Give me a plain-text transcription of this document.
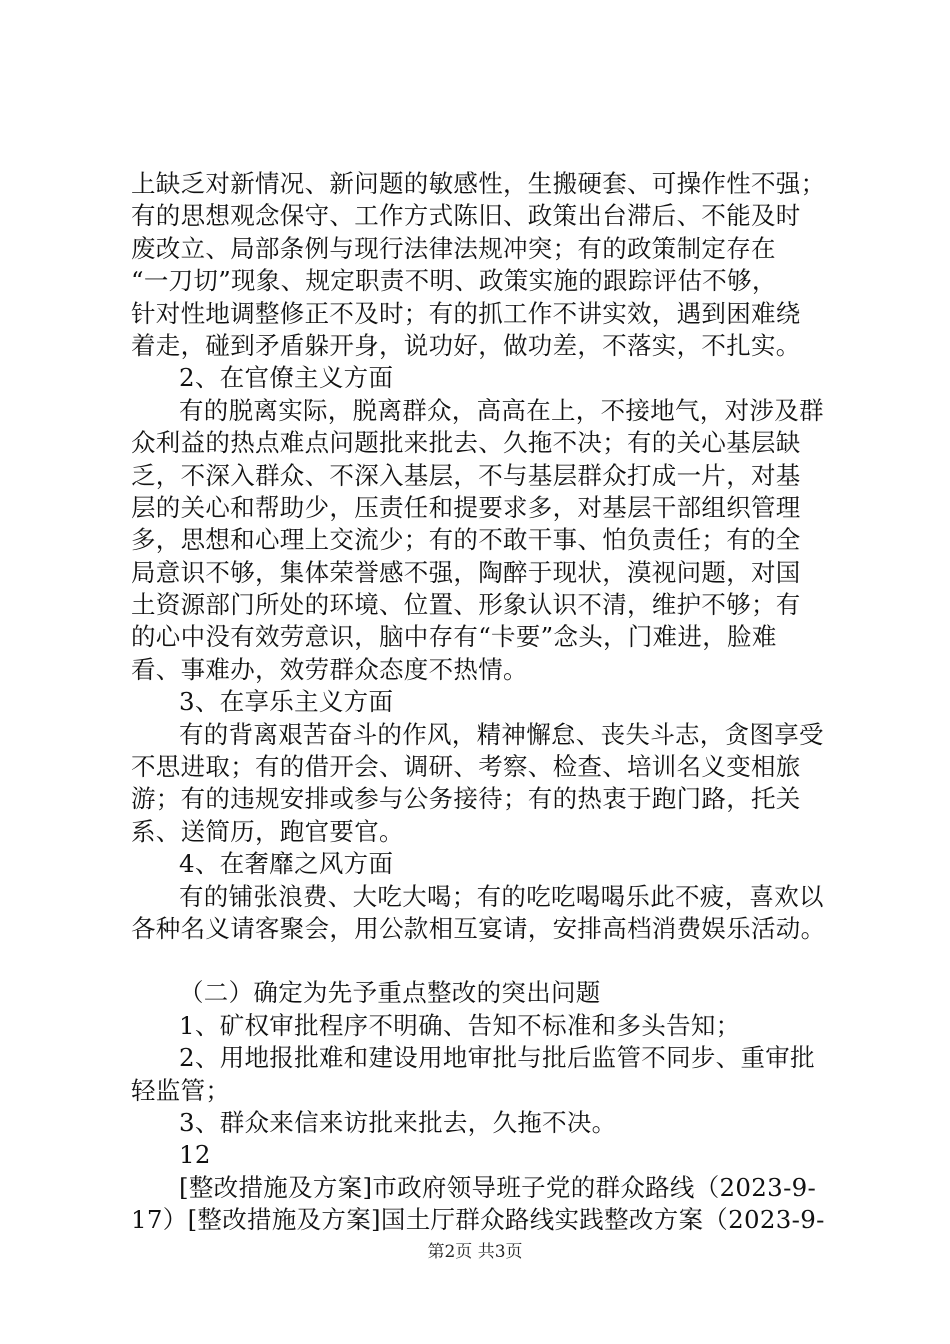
上缺乏对新情况、新问题的敏感性，生搬硬套、可操作性不强；
有的思想观念保守、工作方式陈旧、政策出台滞后、不能及时
废改立、局部条例与现行法律法规冲突；有的政策制定存在
“一刀切”现象、规定职责不明、政策实施的跟踪评估不够，
针对性地调整修正不及时；有的抓工作不讲实效，遇到困难绕
着走，碰到矛盾躲开身，说功好，做功差，不落实，不扎实。
2、在官僚主义方面
有的脱离实际，脱离群众，高高在上，不接地气，对涉及群
众利益的热点难点问题批来批去、久拖不决；有的关心基层缺
乏，不深入群众、不深入基层，不与基层群众打成一片，对基
层的关心和帮助少，压责任和提要求多，对基层干部组织管理
多，思想和心理上交流少；有的不敢干事、怕负责任；有的全
局意识不够，集体荣誉感不强，陶醉于现状，漠视问题，对国
土资源部门所处的环境、位置、形象认识不清，维护不够；有
的心中没有效劳意识，脑中存有“卡要”念头，门难进，脸难
看、事难办，效劳群众态度不热情。
3、在享乐主义方面
有的背离艰苦奋斗的作风，精神懈怠、丧失斗志，贪图享受
不思进取；有的借开会、调研、考察、检查、培训名义变相旅
游；有的违规安排或参与公务接待；有的热衷于跑门路，托关
系、送简历，跑官要官。
4、在奢靡之风方面
有的铺张浪费、大吃大喝；有的吃吃喝喝乐此不疲，喜欢以
各种名义请客聚会，用公款相互宴请，安排高档消费娱乐活动。
（二）确定为先予重点整改的突出问题
1、矿权审批程序不明确、告知不标准和多头告知；
2、用地报批难和建设用地审批与批后监管不同步、重审批
轻监管；
3、群众来信来访批来批去，久拖不决。
12
[整改措施及方案]市政府领导班子党的群众路线（2023-9-
17）[整改措施及方案]国土厅群众路线实践整改方案（2023-9-
第2页 共3页
